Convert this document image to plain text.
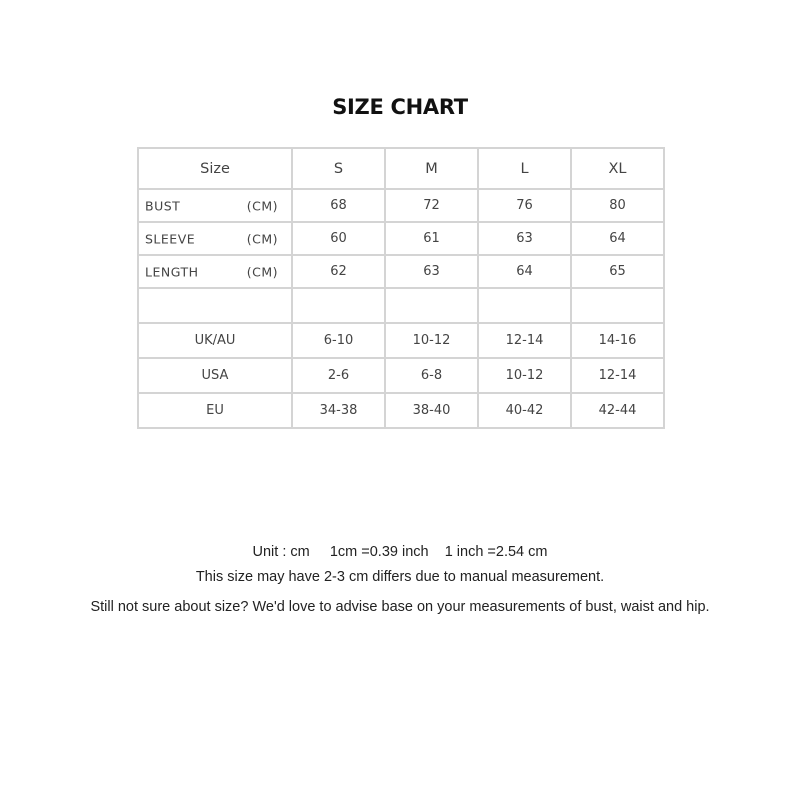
SIZE CHART
Size	S	M	L	XL

BUST (CM)	68	72	76	80

SLEEVE (CM)	60	61	63	64

LENGTH (CM)	62	63	64	65

UK/AU	6-10	10-12	12-14	14-16
USA	2-6	6-8	10-12	12-14
EU	34-38	38-40	40-42	42-44
Unit : cm     1cm =0.39 inch    1 inch =2.54 cm
This size may have 2-3 cm differs due to manual measurement.
Still not sure about size? We'd love to advise base on your measurements of bust, waist and hip.
